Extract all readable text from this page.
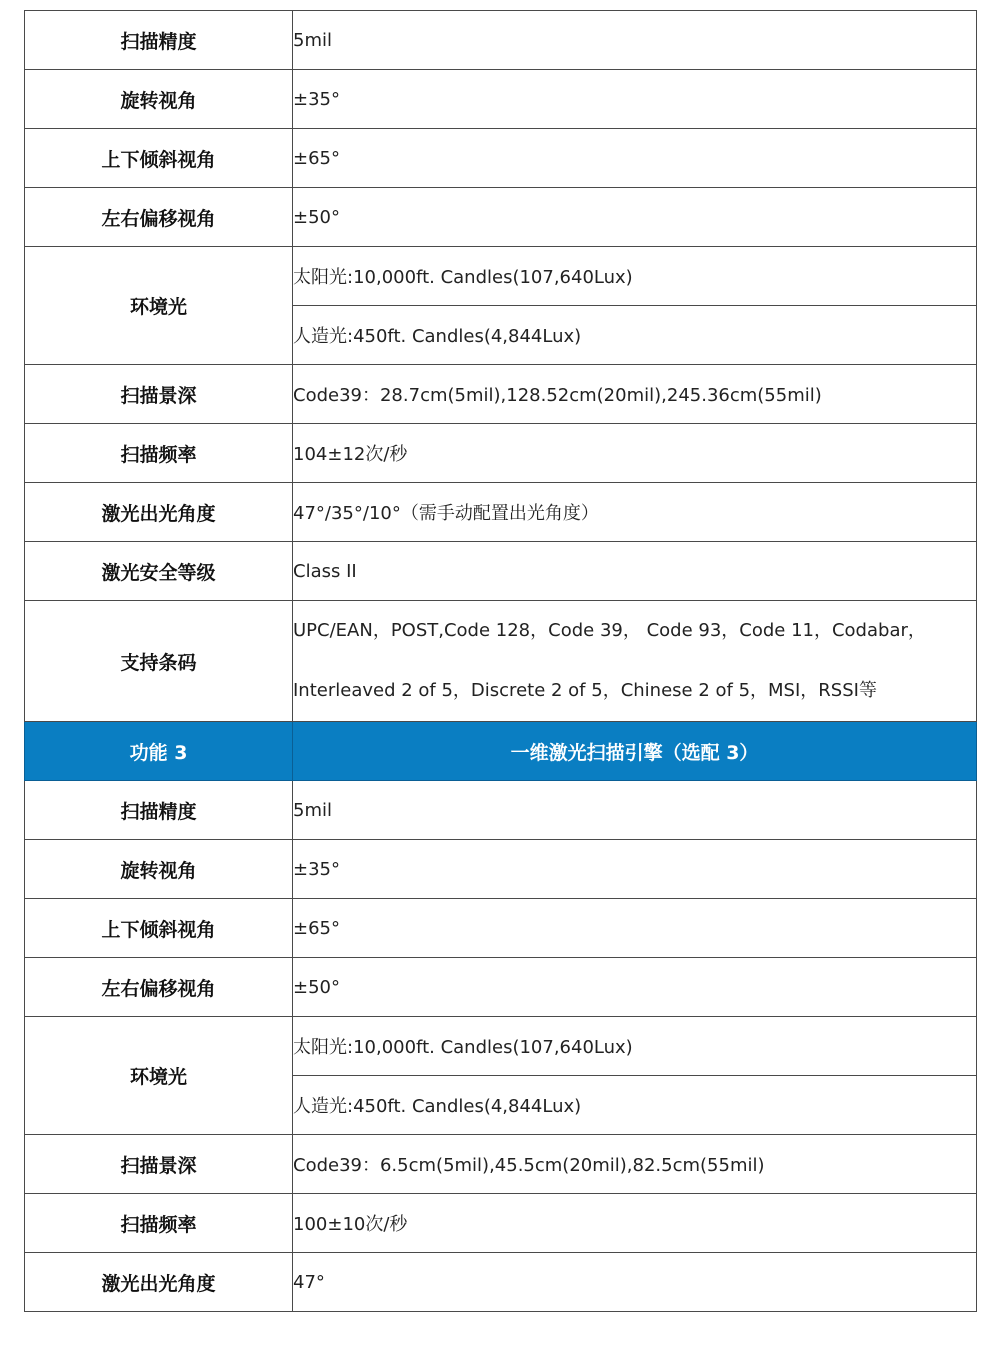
扫描精度	5mil
旋转视角	±35°
上下倾斜视角	±65°
左右偏移视角	±50°
环境光	太阳光:10,000ft. Candles(107,640Lux)
	人造光:450ft. Candles(4,844Lux)
扫描景深	Code39：28.7cm(5mil),128.52cm(20mil),245.36cm(55mil)
扫描频率	104±12次/秒
激光出光角度	47°/35°/10°（需手动配置出光角度）
激光安全等级	Class II
支持条码	UPC/EAN，POST,Code 128，Code 39， Code 93，Code 11，Codabar，
Interleaved 2 of 5，Discrete 2 of 5，Chinese 2 of 5，MSI，RSSI等

功能 3	一维激光扫描引擎（选配 3）
扫描精度	5mil
旋转视角	±35°
上下倾斜视角	±65°
左右偏移视角	±50°
环境光	太阳光:10,000ft. Candles(107,640Lux)
	人造光:450ft. Candles(4,844Lux)
扫描景深	Code39：6.5cm(5mil),45.5cm(20mil),82.5cm(55mil)
扫描频率	100±10次/秒
激光出光角度	47°
